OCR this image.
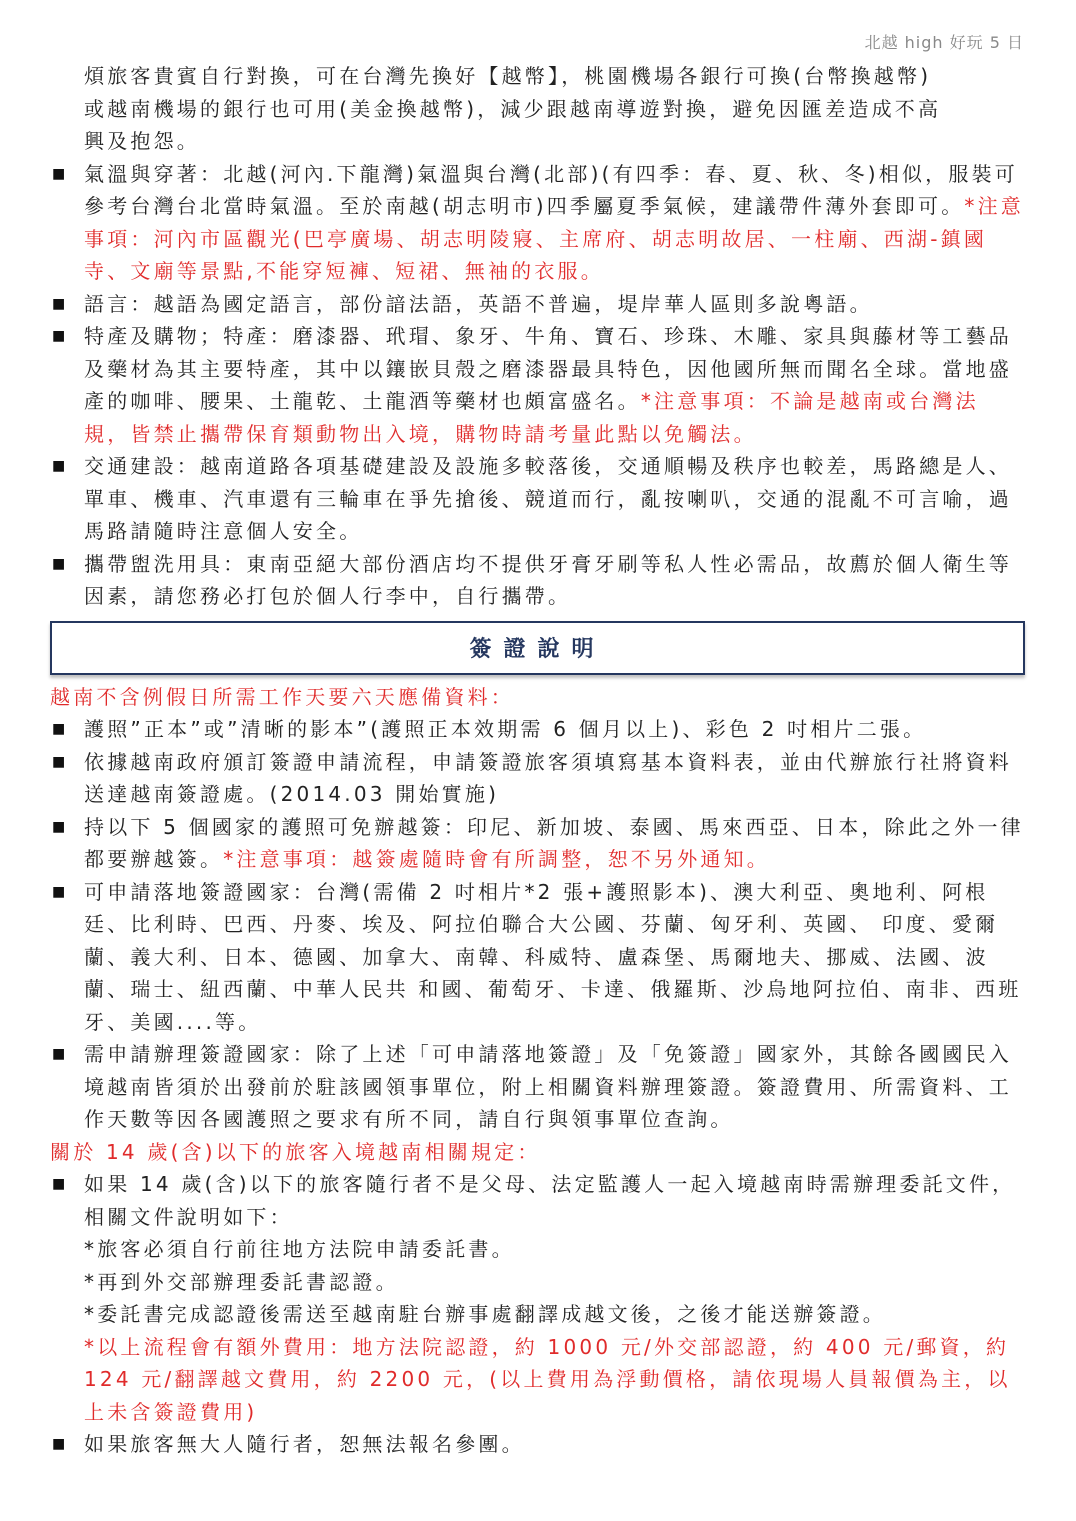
北越 high 好玩 5 日

煩旅客貴賓自行對換，可在台灣先換好【越幣】，桃園機場各銀行可換(台幣換越幣)

或越南機場的銀行也可用(美金換越幣)，減少跟越南導遊對換，避免因匯差造成不高

興及抱怨。

■ 氣溫與穿著：北越(河內.下龍灣)氣溫與台灣(北部)(有四季：春、夏、秋、冬)相似，服裝可參考台灣台北當時氣溫。至於南越(胡志明市)四季屬夏季氣候，建議帶件薄外套即可。*注意事項：河內市區觀光(巴亭廣場、胡志明陵寢、主席府、胡志明故居、一柱廟、西湖-鎮國寺、文廟等景點,不能穿短褲、短裙、無袖的衣服。

■ 語言：越語為國定語言，部份諳法語，英語不普遍，堤岸華人區則多說粵語。

■ 特產及購物；特產：磨漆器、玳瑁、象牙、牛角、寶石、珍珠、木雕、家具與藤材等工藝品及藥材為其主要特產，其中以鑲嵌貝殼之磨漆器最具特色，因他國所無而聞名全球。當地盛產的咖啡、腰果、土龍乾、土龍酒等藥材也頗富盛名。*注意事項：不論是越南或台灣法規，皆禁止攜帶保育類動物出入境，購物時請考量此點以免觸法。

■ 交通建設：越南道路各項基礎建設及設施多較落後，交通順暢及秩序也較差，馬路總是人、單車、機車、汽車還有三輪車在爭先搶後、競道而行，亂按喇叭，交通的混亂不可言喻，過馬路請隨時注意個人安全。

■ 攜帶盥洗用具：東南亞絕大部份酒店均不提供牙膏牙刷等私人性必需品，故薦於個人衛生等因素，請您務必打包於個人行李中，自行攜帶。

簽證說明

越南不含例假日所需工作天要六天應備資料：

■ 護照”正本”或”清晰的影本”(護照正本效期需 6 個月以上)、彩色 2 吋相片二張。

■ 依據越南政府頒訂簽證申請流程，申請簽證旅客須填寫基本資料表，並由代辦旅行社將資料送達越南簽證處。(2014.03 開始實施)

■ 持以下 5 個國家的護照可免辦越簽：印尼、新加坡、泰國、馬來西亞、日本，除此之外一律都要辦越簽。*注意事項：越簽處隨時會有所調整，恕不另外通知。

■ 可申請落地簽證國家：台灣(需備 2 吋相片*2 張+護照影本)、澳大利亞、奧地利、阿根廷、比利時、巴西、丹麥、埃及、阿拉伯聯合大公國、芬蘭、匈牙利、英國、 印度、愛爾蘭、義大利、日本、德國、加拿大、南韓、科威特、盧森堡、馬爾地夫、挪威、法國、波蘭、瑞士、紐西蘭、中華人民共 和國、葡萄牙、卡達、俄羅斯、沙烏地阿拉伯、南非、西班牙、美國....等。

■ 需申請辦理簽證國家：除了上述「可申請落地簽證」及「免簽證」國家外，其餘各國國民入境越南皆須於出發前於駐該國領事單位，附上相關資料辦理簽證。簽證費用、所需資料、工作天數等因各國護照之要求有所不同，請自行與領事單位查詢。

關於 14 歲(含)以下的旅客入境越南相關規定：

■ 如果 14 歲(含)以下的旅客隨行者不是父母、法定監護人一起入境越南時需辦理委託文件，相關文件說明如下：

*旅客必須自行前往地方法院申請委託書。

*再到外交部辦理委託書認證。

*委託書完成認證後需送至越南駐台辦事處翻譯成越文後，之後才能送辦簽證。

*以上流程會有額外費用：地方法院認證，約 1000 元/外交部認證，約 400 元/郵資，約 124 元/翻譯越文費用，約 2200 元，(以上費用為浮動價格，請依現場人員報價為主，以上未含簽證費用)

■ 如果旅客無大人隨行者，恕無法報名參團。
